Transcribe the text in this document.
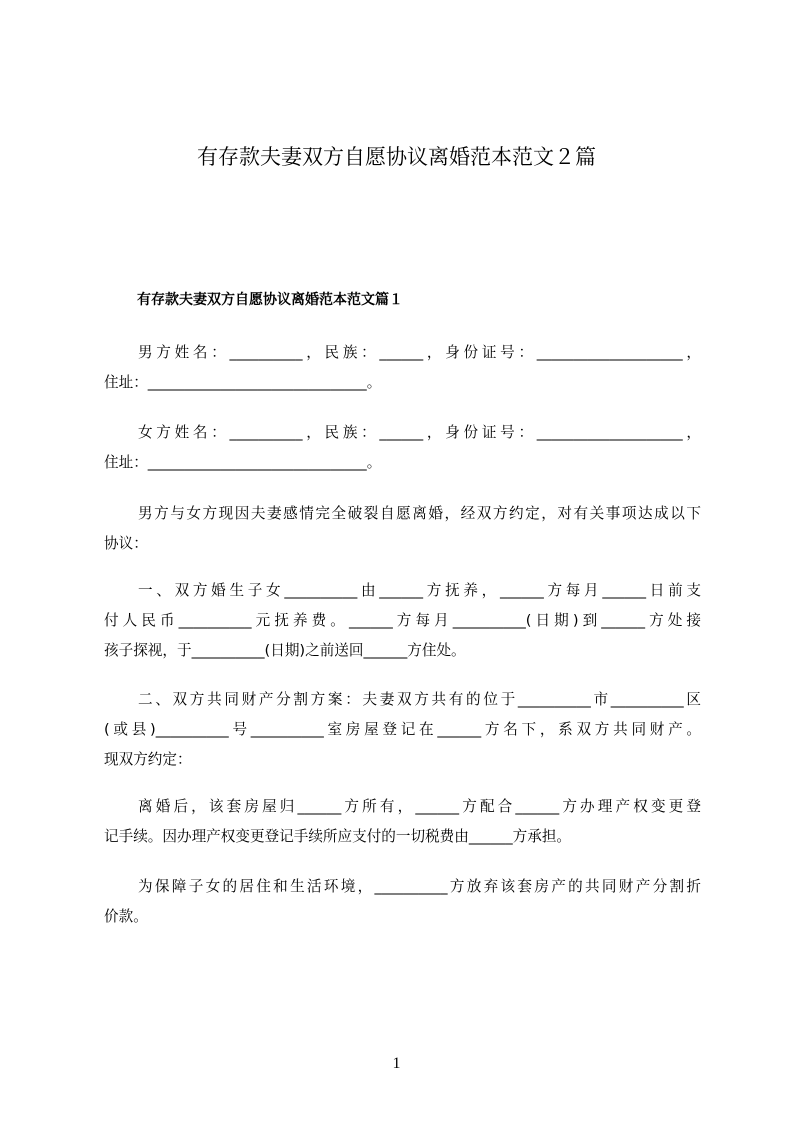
有存款夫妻双方自愿协议离婚范本范文２篇
有存款夫妻双方自愿协议离婚范本范文篇１
男方姓名：__________，民族：______，身份证号：____________________，
住址：______________________________。
女方姓名：__________，民族：______，身份证号：____________________，
住址：______________________________。
男方与女方现因夫妻感情完全破裂自愿离婚，经双方约定，对有关事项达成以下
协议：
一、双方婚生子女__________由______方抚养，______方每月______日前支
付人民币__________元抚养费。______方每月__________(日期)到______方处接
孩子探视，于__________(日期)之前送回______方住处。
二、双方共同财产分割方案：夫妻双方共有的位于__________市__________区
(或县)__________号__________室房屋登记在______方名下，系双方共同财产。
现双方约定：
离婚后，该套房屋归______方所有，______方配合______方办理产权变更登
记手续。因办理产权变更登记手续所应支付的一切税费由______方承担。
为保障子女的居住和生活环境，__________方放弃该套房产的共同财产分割折
价款。
1
